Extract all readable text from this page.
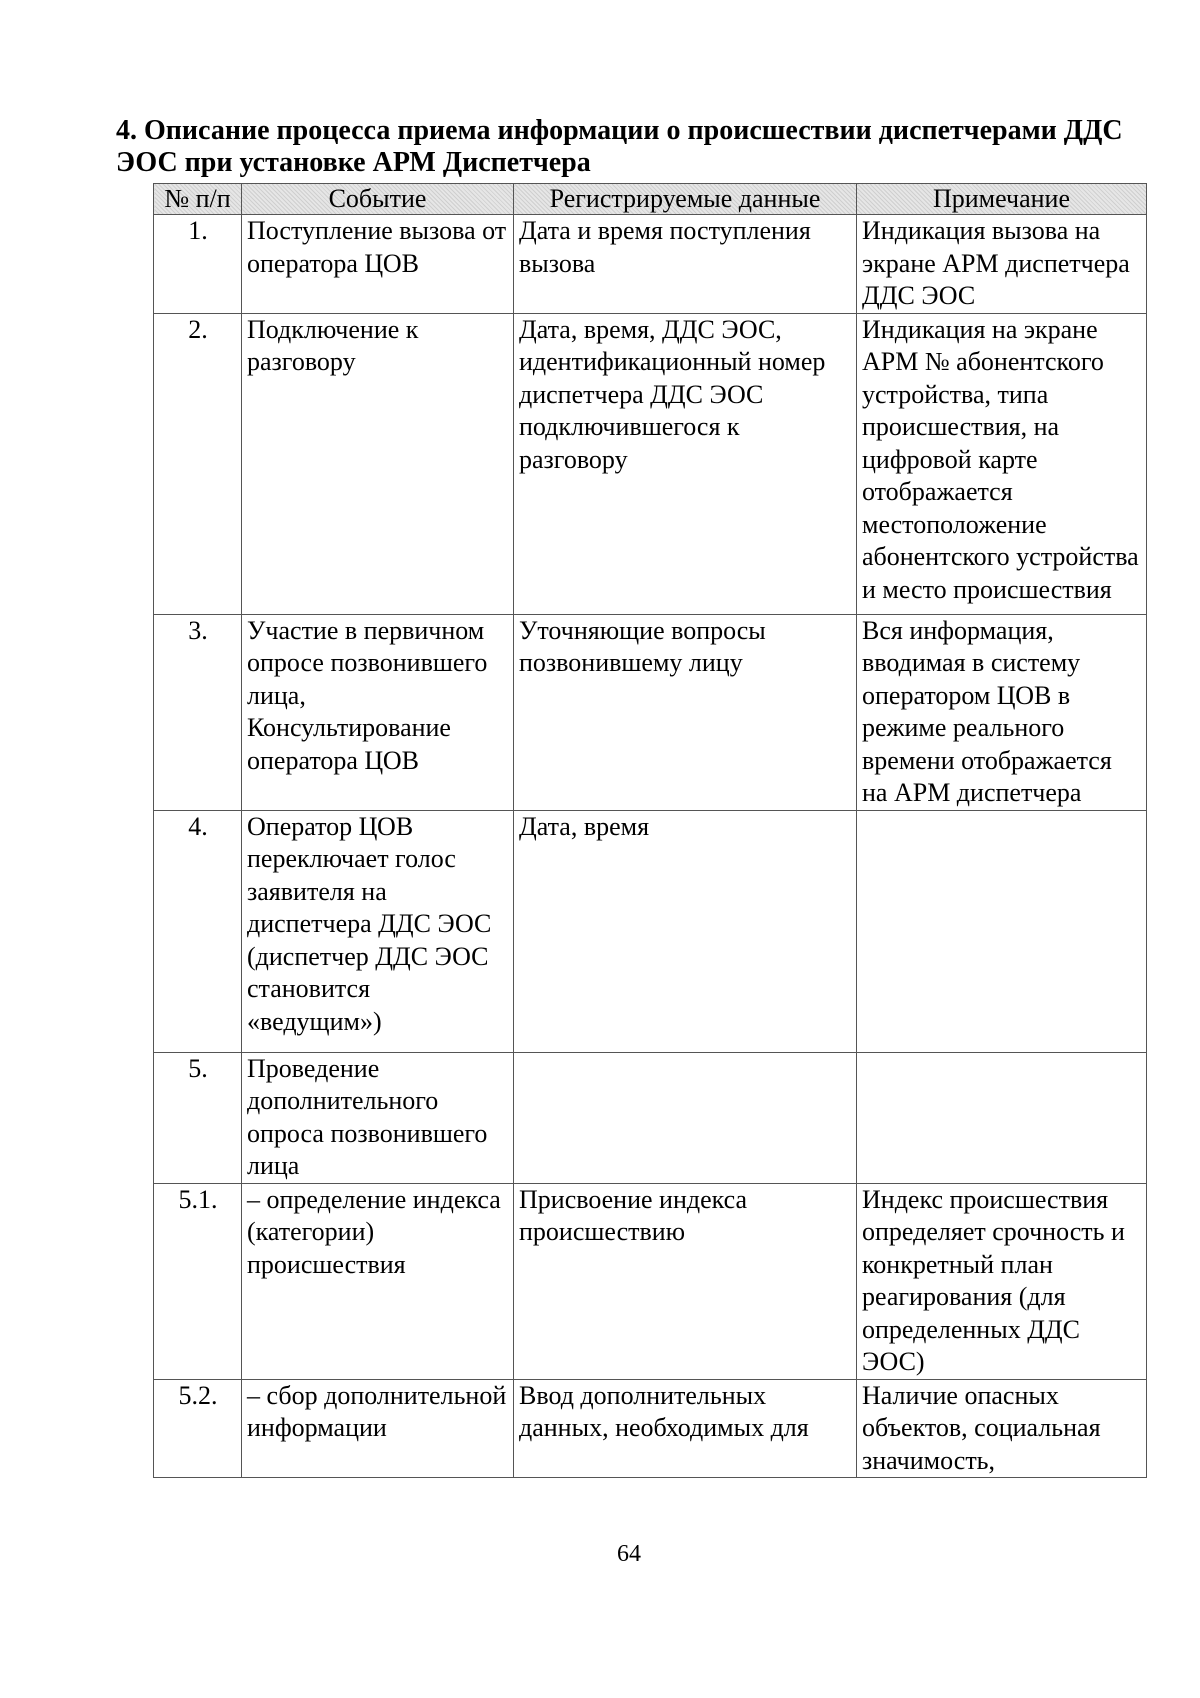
4. Описание процесса приема информации о происшествии диспетчерами ДДС ЭОС при установке АРМ Диспетчера
№ п/п	Событие	Регистрируемые данные	Примечание
1.	Поступление вызова от оператора ЦОВ	Дата и время поступления вызова	Индикация вызова на экране АРМ диспетчера ДДС ЭОС
2.	Подключение к разговору	Дата, время, ДДС ЭОС, идентификационный номер диспетчера ДДС ЭОС подключившегося к разговору	Индикация на экране АРМ № абонентского устройства, типа происшествия, на цифровой карте отображается местоположение абонентского устройства и место происшествия
3.	Участие в первичном опросе позвонившего лица, Консультирование оператора ЦОВ	Уточняющие вопросы позвонившему лицу	Вся информация, вводимая в систему оператором ЦОВ в режиме реального времени отображается на АРМ диспетчера
4.	Оператор ЦОВ переключает голос заявителя на диспетчера ДДС ЭОС (диспетчер ДДС ЭОС становится «ведущим»)	Дата, время	
5.	Проведение дополнительного опроса позвонившего лица		
5.1.	– определение индекса (категории) происшествия	Присвоение индекса происшествию	Индекс происшествия определяет срочность и конкретный план реагирования (для определенных ДДС ЭОС)
5.2.	– сбор дополнительной информации	Ввод дополнительных данных, необходимых для	Наличие опасных объектов, социальная значимость,
64
